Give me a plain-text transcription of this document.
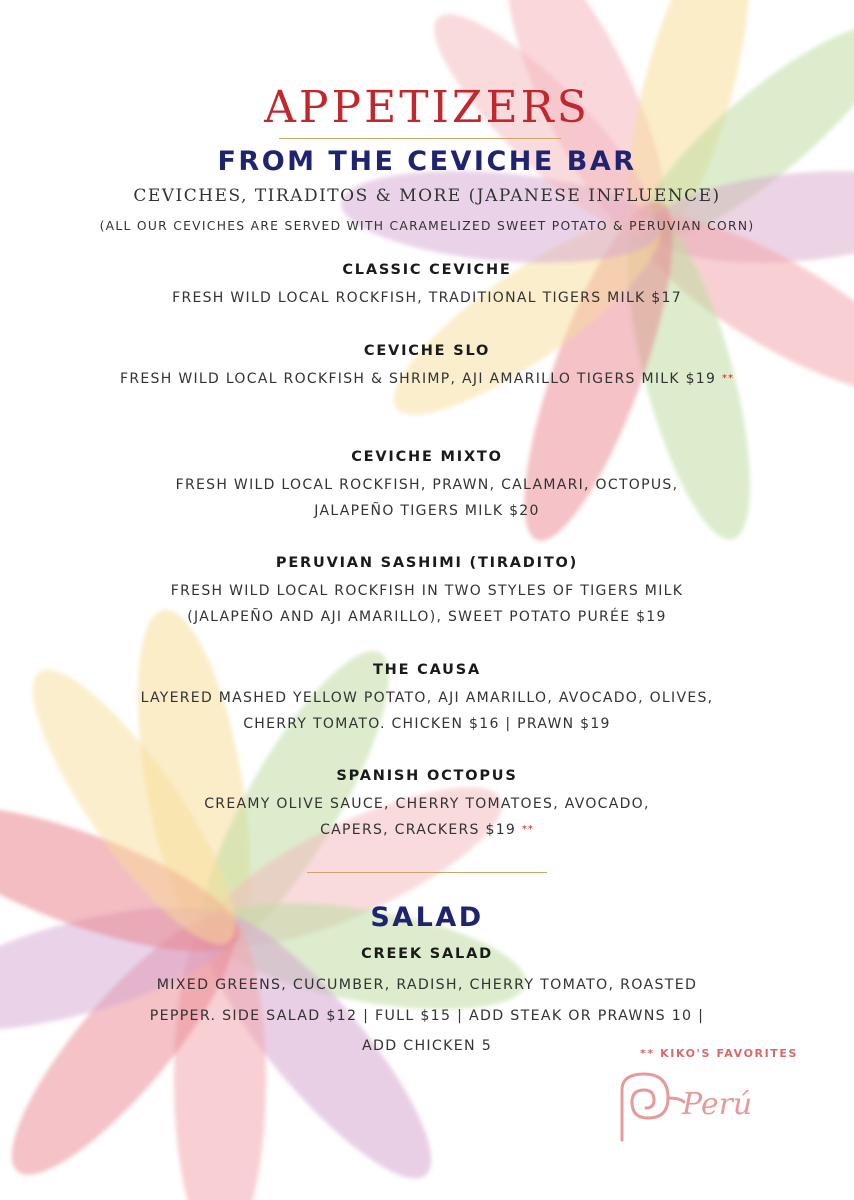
APPETIZERS
FROM THE CEVICHE BAR
CEVICHES, TIRADITOS & MORE (JAPANESE INFLUENCE)
(ALL OUR CEVICHES ARE SERVED WITH CARAMELIZED SWEET POTATO & PERUVIAN CORN)
CLASSIC CEVICHE
FRESH WILD LOCAL ROCKFISH, TRADITIONAL TIGERS MILK $17
CEVICHE SLO
FRESH WILD LOCAL ROCKFISH & SHRIMP, AJI AMARILLO TIGERS MILK $19 **
CEVICHE MIXTO
FRESH WILD LOCAL ROCKFISH, PRAWN, CALAMARI, OCTOPUS, JALAPEÑO TIGERS MILK $20
PERUVIAN SASHIMI (TIRADITO)
FRESH WILD LOCAL ROCKFISH IN TWO STYLES OF TIGERS MILK (JALAPEÑO AND AJI AMARILLO), SWEET POTATO PURÉE $19
THE CAUSA
LAYERED MASHED YELLOW POTATO, AJI AMARILLO, AVOCADO, OLIVES, CHERRY TOMATO. CHICKEN $16 | PRAWN $19
SPANISH OCTOPUS
CREAMY OLIVE SAUCE, CHERRY TOMATOES, AVOCADO, CAPERS, CRACKERS $19 **
SALAD
CREEK SALAD
MIXED GREENS, CUCUMBER, RADISH, CHERRY TOMATO, ROASTED PEPPER. SIDE SALAD $12 | FULL $15 | ADD STEAK OR PRAWNS 10 | ADD CHICKEN 5	** KIKO'S FAVORITES
Perú
